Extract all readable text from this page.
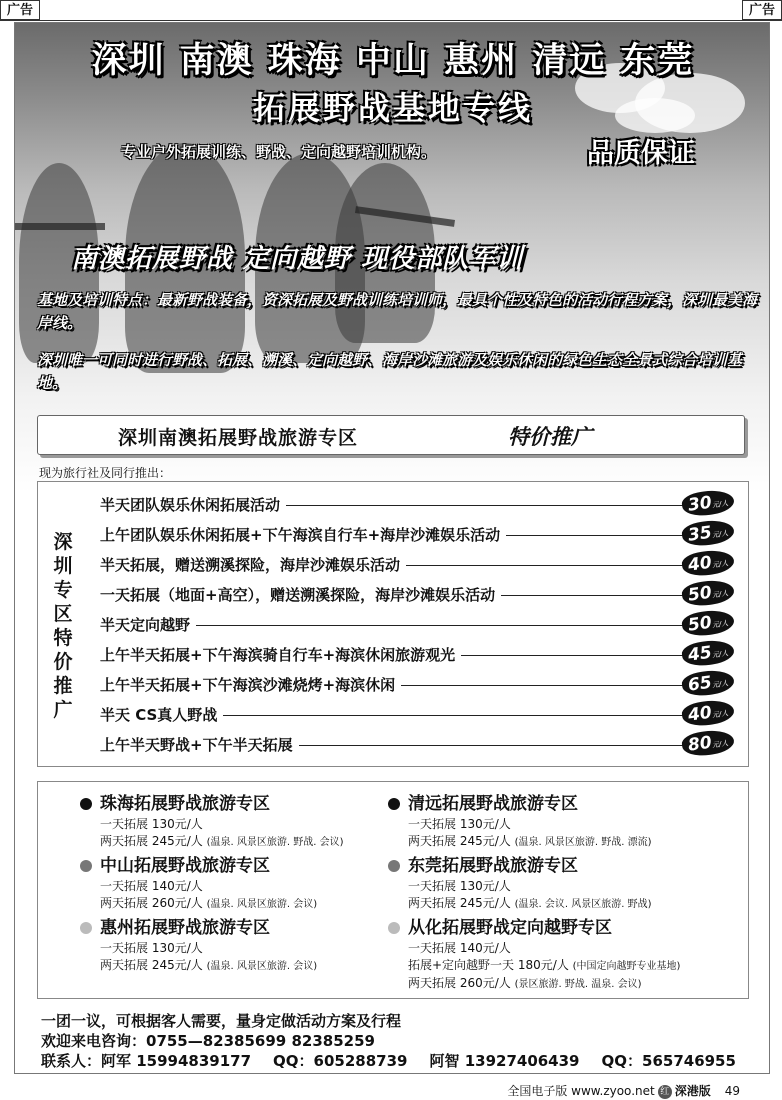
广告	广告
深圳 南澳 珠海 中山 惠州 清远 东莞
拓展野战基地专线
专业户外拓展训练、野战、定向越野培训机构。	品质保证
南澳拓展野战 定向越野 现役部队军训
基地及培训特点：最新野战装备，资深拓展及野战训练培训师，最具个性及特色的活动行程方案，深圳最美海岸线。
深圳唯一可同时进行野战、拓展、溯溪、定向越野、海岸沙滩旅游及娱乐休闲的绿色生态全景式综合培训基地。
深圳南澳拓展野战旅游专区	特价推广
现为旅行社及同行推出：
深圳专区特价推广
半天团队娱乐休闲拓展活动	30元/人
上午团队娱乐休闲拓展+下午海滨自行车+海岸沙滩娱乐活动	35元/人
半天拓展，赠送溯溪探险，海岸沙滩娱乐活动	40元/人
一天拓展（地面+高空），赠送溯溪探险，海岸沙滩娱乐活动	50元/人
半天定向越野	50元/人
上午半天拓展+下午海滨骑自行车+海滨休闲旅游观光	45元/人
上午半天拓展+下午海滨沙滩烧烤+海滨休闲	65元/人
半天 CS真人野战	40元/人
上午半天野战+下午半天拓展	80元/人
珠海拓展野战旅游专区
一天拓展 130元/人
两天拓展 245元/人 (温泉. 风景区旅游. 野战. 会议)
清远拓展野战旅游专区
一天拓展 130元/人
两天拓展 245元/人 (温泉. 风景区旅游. 野战. 漂流)
中山拓展野战旅游专区
一天拓展 140元/人
两天拓展 260元/人 (温泉. 风景区旅游. 会议)
东莞拓展野战旅游专区
一天拓展 130元/人
两天拓展 245元/人 (温泉. 会议. 风景区旅游. 野战)
惠州拓展野战旅游专区
一天拓展 130元/人
两天拓展 245元/人 (温泉. 风景区旅游. 会议)
从化拓展野战定向越野专区
一天拓展 140元/人
拓展+定向越野一天 180元/人 (中国定向越野专业基地)
两天拓展 260元/人 (景区旅游. 野战. 温泉. 会议)
一团一议，可根据客人需要，量身定做活动方案及行程
欢迎来电咨询：0755—82385699 82385259
联系人：阿军 15994839177 QQ：605288739 阿智 13927406439 QQ：565746955
全国电子版 www.zyoo.net 红 深港版 49
